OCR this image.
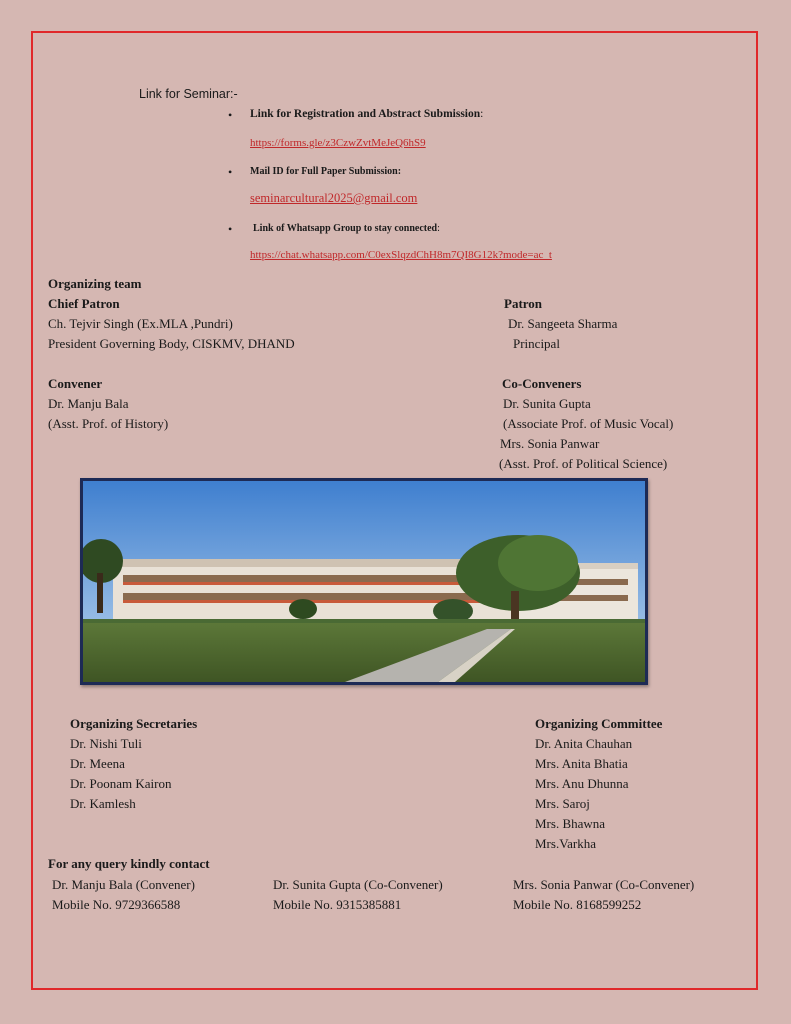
Link for Seminar:-
• Link for Registration and Abstract Submission:
https://forms.gle/z3CzwZvtMeJeQ6hS9
• Mail ID for Full Paper Submission:
seminarcultural2025@gmail.com
• Link of Whatsapp Group to stay connected:
https://chat.whatsapp.com/C0exSlqzdChH8m7QI8G12k?mode=ac_t
Organizing team
Chief Patron
Ch. Tejvir Singh (Ex.MLA ,Pundri)
President Governing Body, CISKMV, DHAND
Patron
Dr. Sangeeta Sharma
Principal
Convener
Dr. Manju Bala
(Asst. Prof. of History)
Co-Conveners
Dr. Sunita Gupta
(Associate Prof. of Music Vocal)
Mrs. Sonia Panwar
(Asst. Prof. of Political Science)
Organizing Secretaries
Dr. Nishi Tuli
Dr. Meena
Dr. Poonam Kairon
Dr. Kamlesh
Organizing Committee
Dr. Anita Chauhan
Mrs. Anita Bhatia
Mrs. Anu Dhunna
Mrs. Saroj
Mrs. Bhawna
Mrs.Varkha
For any query kindly contact
Dr. Manju Bala (Convener)
Mobile No. 9729366588
Dr. Sunita Gupta (Co-Convener)
Mobile No. 9315385881
Mrs. Sonia Panwar (Co-Convener)
Mobile No. 8168599252
